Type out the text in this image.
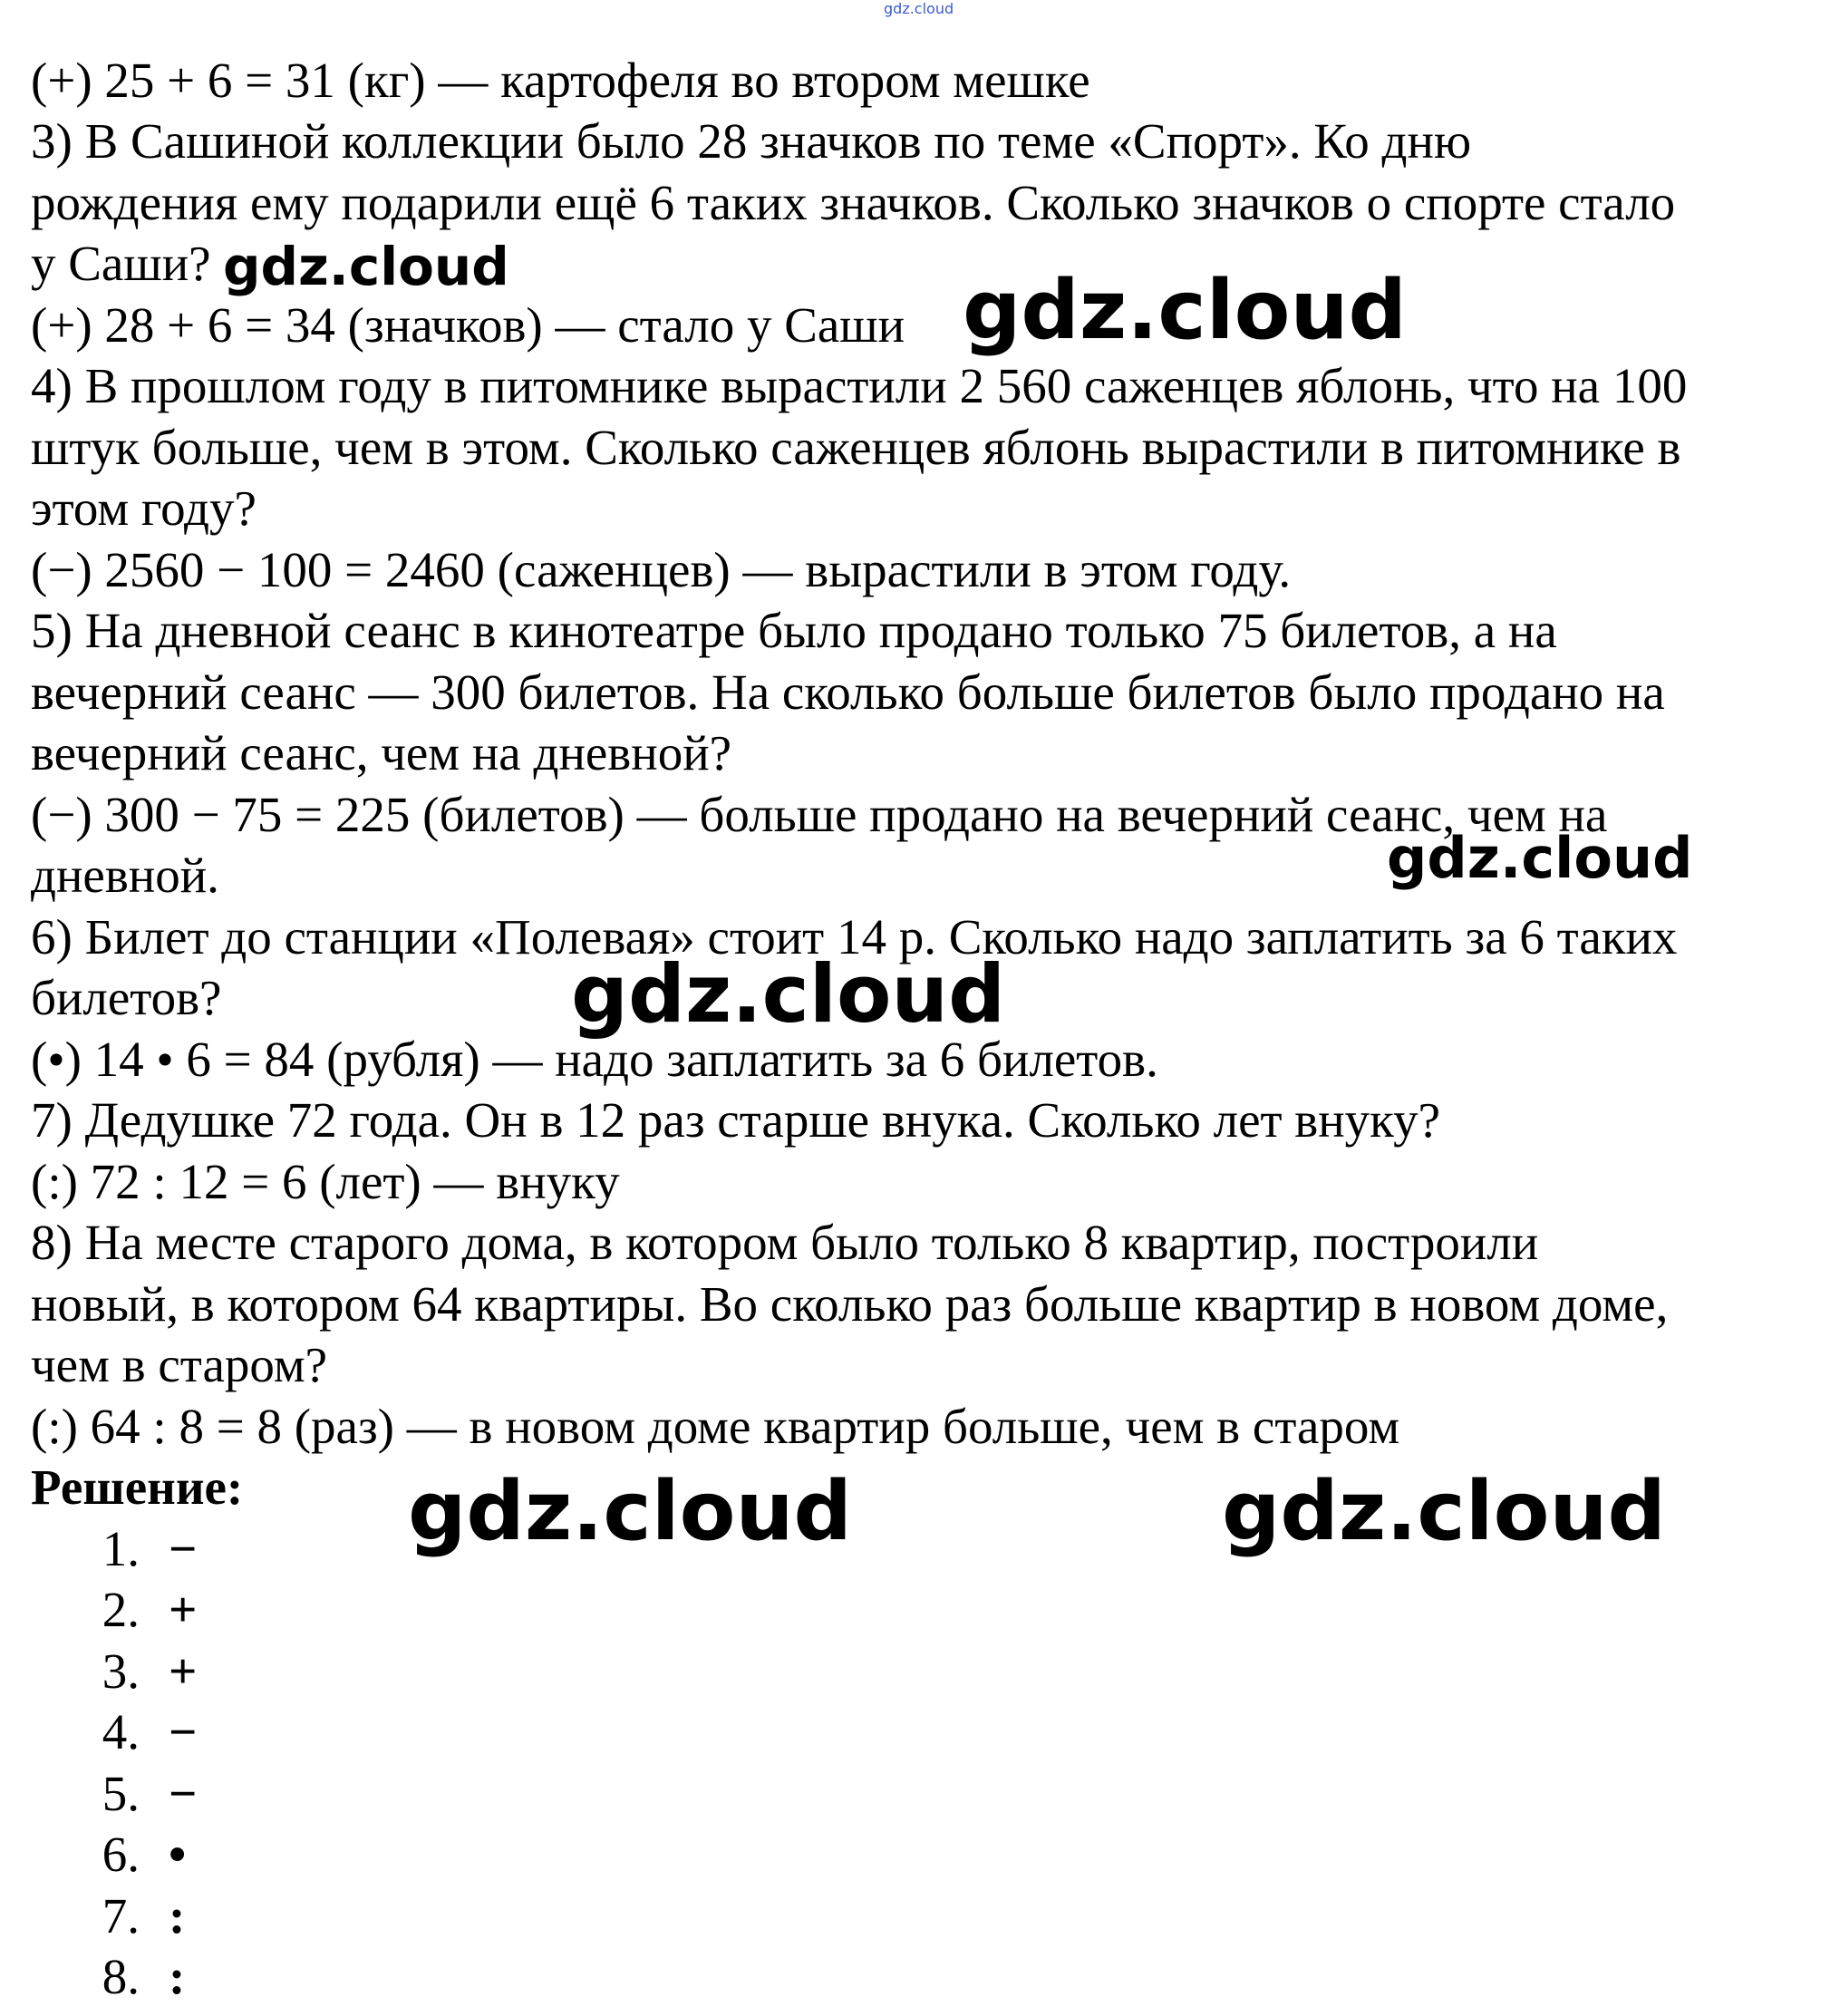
gdz.cloud
(+) 25 + 6 = 31 (кг) — картофеля во втором мешке
3) В Сашиной коллекции было 28 значков по теме «Спорт». Ко дню
рождения ему подарили ещё 6 таких значков. Сколько значков о спорте стало
у Саши?
(+) 28 + 6 = 34 (значков) — стало у Саши
4) В прошлом году в питомнике вырастили 2 560 саженцев яблонь, что на 100
штук больше, чем в этом. Сколько саженцев яблонь вырастили в питомнике в
этом году?
(−) 2560 − 100 = 2460 (саженцев) — вырастили в этом году.
5) На дневной сеанс в кинотеатре было продано только 75 билетов, а на
вечерний сеанс — 300 билетов. На сколько больше билетов было продано на
вечерний сеанс, чем на дневной?
(−) 300 − 75 = 225 (билетов) — больше продано на вечерний сеанс, чем на
дневной.
6) Билет до станции «Полевая» стоит 14 р. Сколько надо заплатить за 6 таких
билетов?
(•) 14 • 6 = 84 (рубля) — надо заплатить за 6 билетов.
7) Дедушке 72 года. Он в 12 раз старше внука. Сколько лет внуку?
(:) 72 : 12 = 6 (лет) — внуку
8) На месте старого дома, в котором было только 8 квартир, построили
новый, в котором 64 квартиры. Во сколько раз больше квартир в новом доме,
чем в старом?
(:) 64 : 8 = 8 (раз) — в новом доме квартир больше, чем в старом
Решение:
1. −
2. +
3. +
4. −
5. −
6. •
7. :
8. :
gdz.cloud	gdz.cloud
gdz.cloud
gdz.cloud
gdz.cloud	gdz.cloud
